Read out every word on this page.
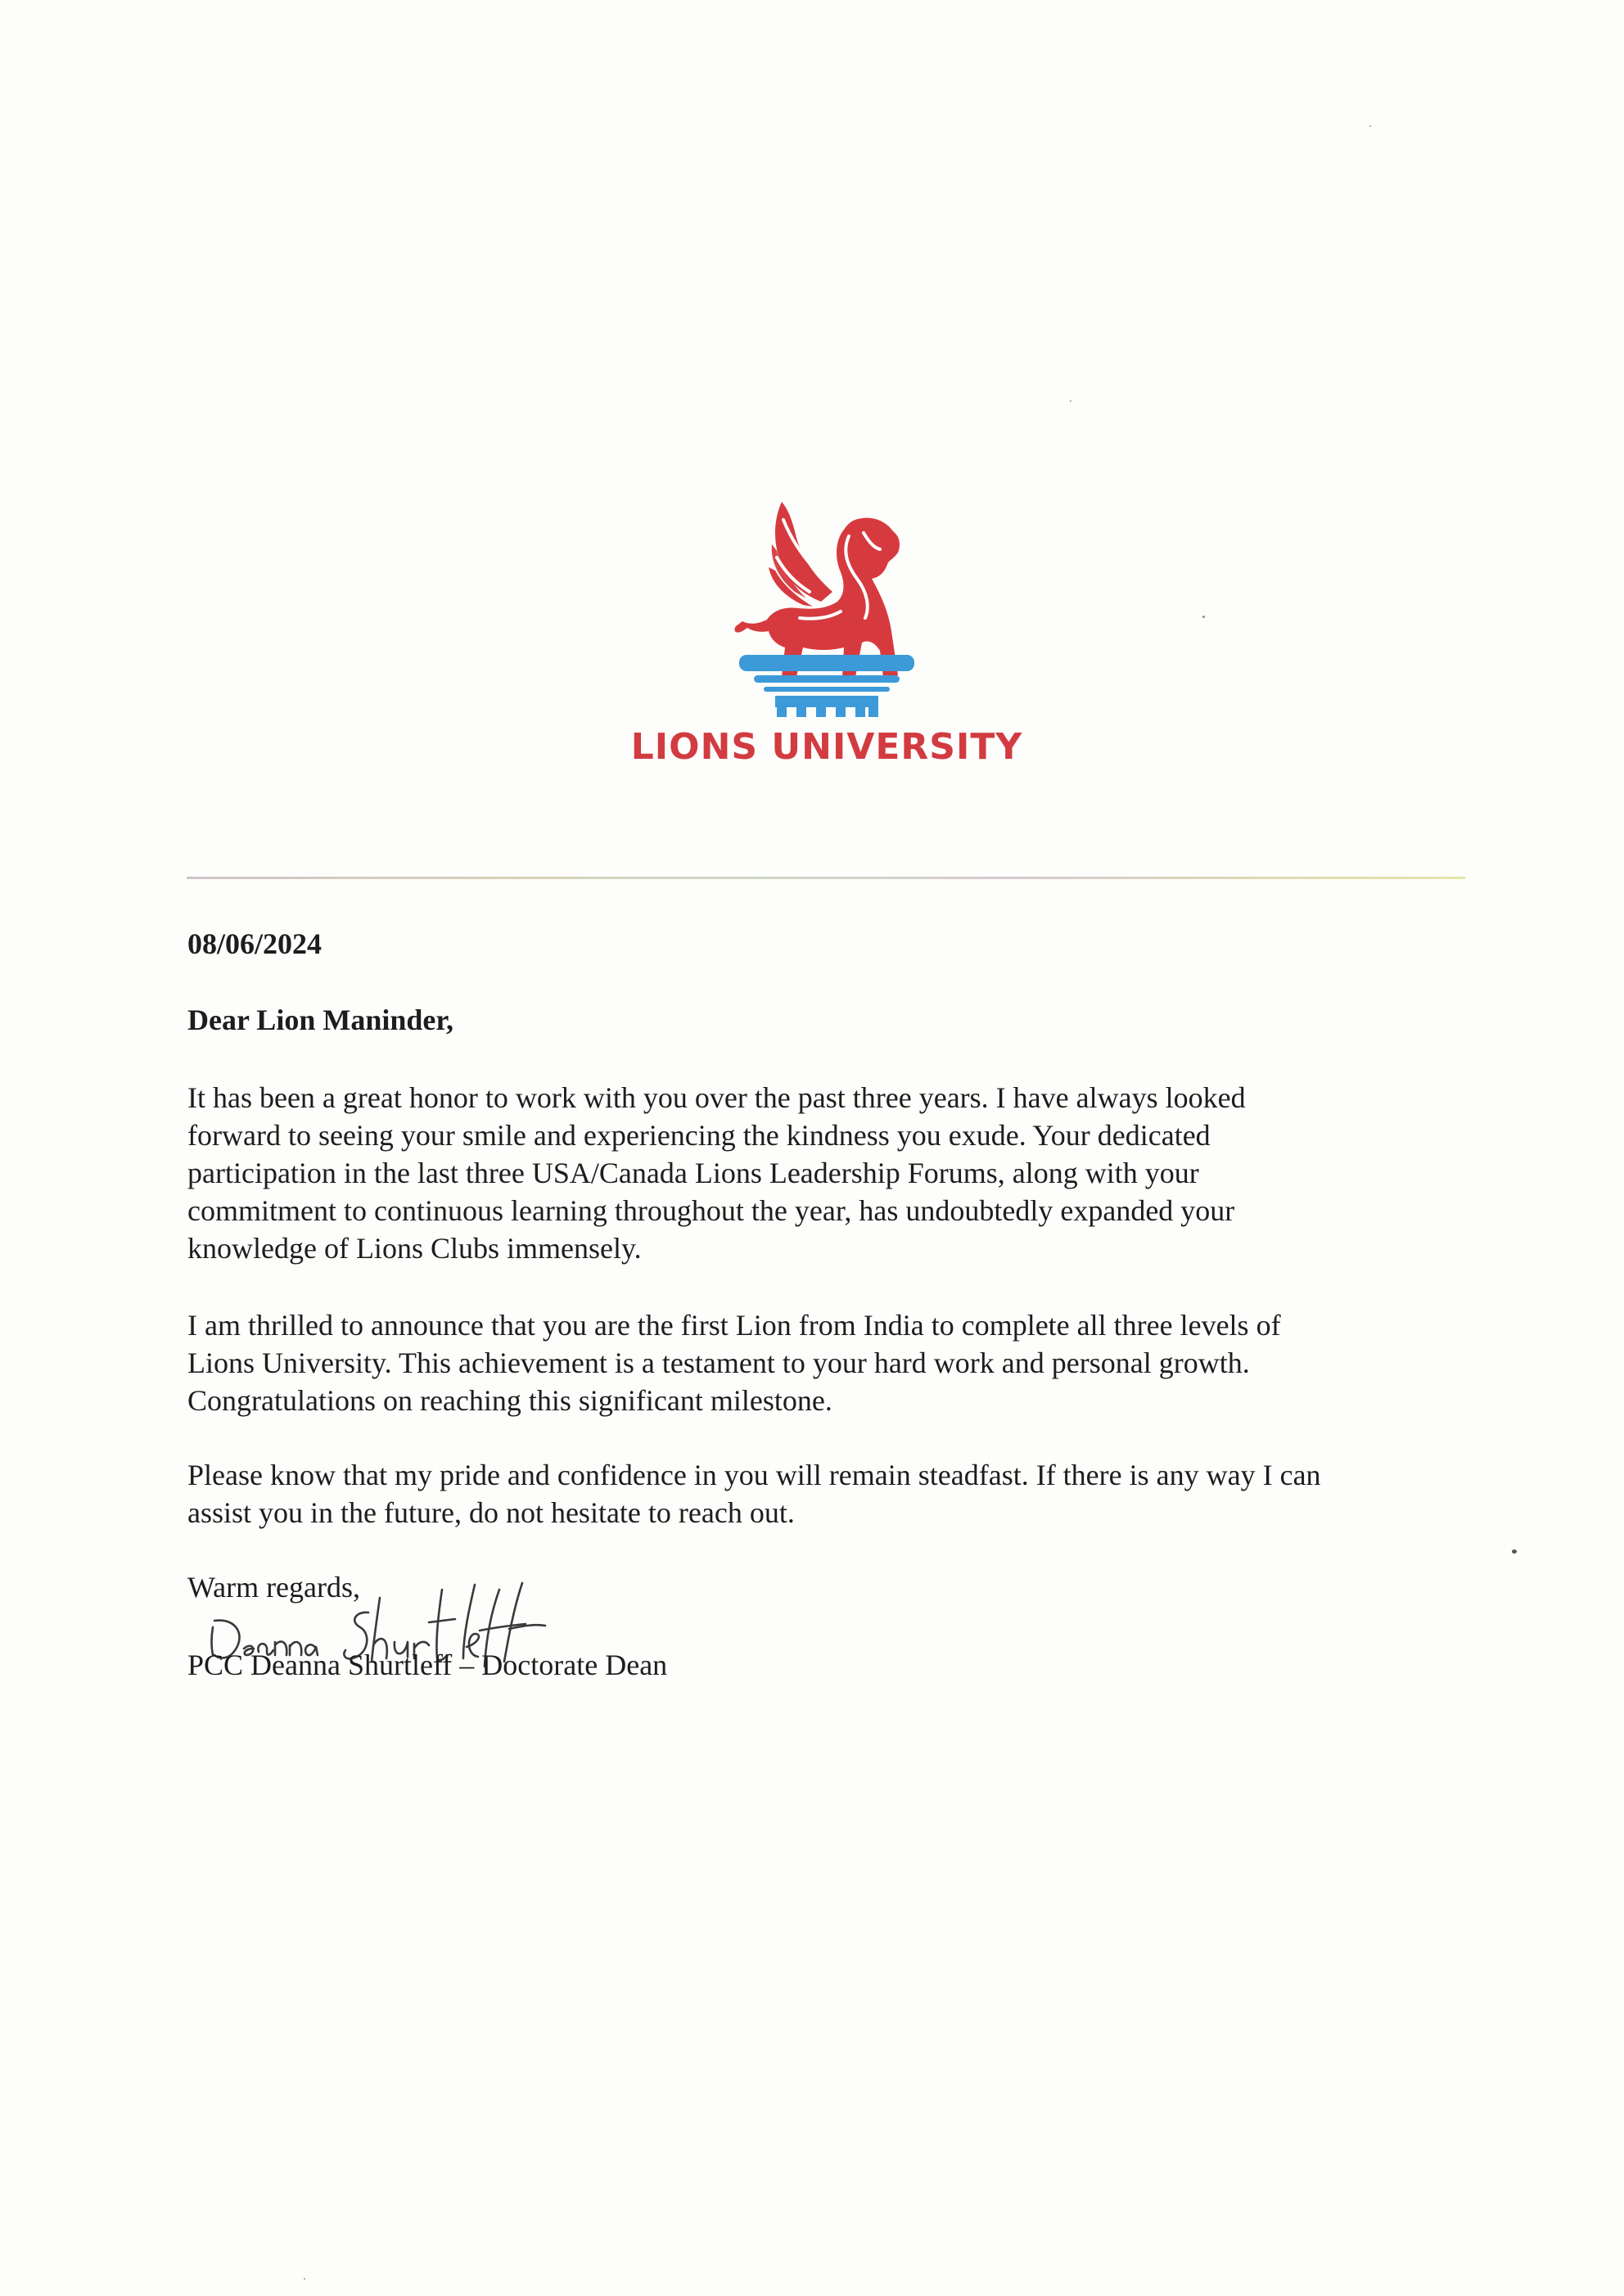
LIONS UNIVERSITY
08/06/2024
Dear Lion Maninder,
It has been a great honor to work with you over the past three years. I have always looked
forward to seeing your smile and experiencing the kindness you exude. Your dedicated
participation in the last three USA/Canada Lions Leadership Forums, along with your
commitment to continuous learning throughout the year, has undoubtedly expanded your
knowledge of Lions Clubs immensely.
I am thrilled to announce that you are the first Lion from India to complete all three levels of
Lions University. This achievement is a testament to your hard work and personal growth.
Congratulations on reaching this significant milestone.
Please know that my pride and confidence in you will remain steadfast. If there is any way I can
assist you in the future, do not hesitate to reach out.
Warm regards,
PCC Deanna Shurtleff – Doctorate Dean
